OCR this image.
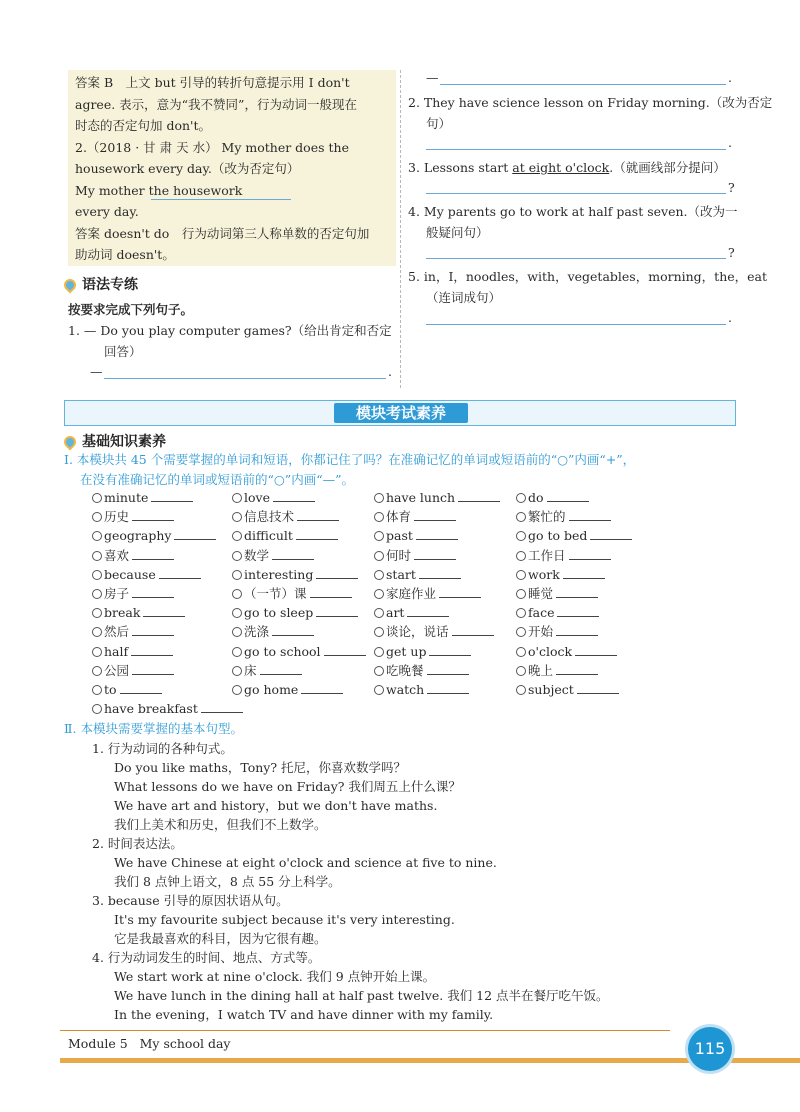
答案 B　上文 but 引导的转折句意提示用 I don't
agree. 表示，意为“我不赞同”，行为动词一般现在
时态的否定句加 don't。
2.（2018 · 甘 肃 天 水） My mother does the
housework every day.（改为否定句）
My mother the housework
every day.
答案 doesn't do　行为动词第三人称单数的否定句加
助动词 doesn't。
语法专练
按要求完成下列句子。
1. — Do you play computer games?（给出肯定和否定
回答）
—	.
—	.
2. They have science lesson on Friday morning.（改为否定
句）
.
3. Lessons start at eight o'clock.（就画线部分提问）
?
4. My parents go to work at half past seven.（改为一
般疑问句）
?
5. in，I，noodles，with，vegetables，morning，the，eat
（连词成句）
.
模块考试素养
基础知识素养
Ⅰ. 本模块共 45 个需要掌握的单词和短语，你都记住了吗？在准确记忆的单词或短语前的“○”内画“+”，
在没有准确记忆的单词或短语前的“○”内画“—”。
minute	love	have lunch	do
历史	信息技术	体育	繁忙的
geography	difficult	past	go to bed
喜欢	数学	何时	工作日
because	interesting	start	work
房子	（一节）课	家庭作业	睡觉
break	go to sleep	art	face
然后	洗涤	谈论，说话	开始
half	go to school	get up	o'clock
公园	床	吃晚餐	晚上
to	go home	watch	subject
have breakfast
Ⅱ. 本模块需要掌握的基本句型。
1. 行为动词的各种句式。
Do you like maths，Tony? 托尼，你喜欢数学吗？
What lessons do we have on Friday? 我们周五上什么课？
We have art and history，but we don't have maths.
我们上美术和历史，但我们不上数学。
2. 时间表达法。
We have Chinese at eight o'clock and science at five to nine.
我们 8 点钟上语文，8 点 55 分上科学。
3. because 引导的原因状语从句。
It's my favourite subject because it's very interesting.
它是我最喜欢的科目，因为它很有趣。
4. 行为动词发生的时间、地点、方式等。
We start work at nine o'clock. 我们 9 点钟开始上课。
We have lunch in the dining hall at half past twelve. 我们 12 点半在餐厅吃午饭。
In the evening，I watch TV and have dinner with my family.
Module 5 My school day	115
